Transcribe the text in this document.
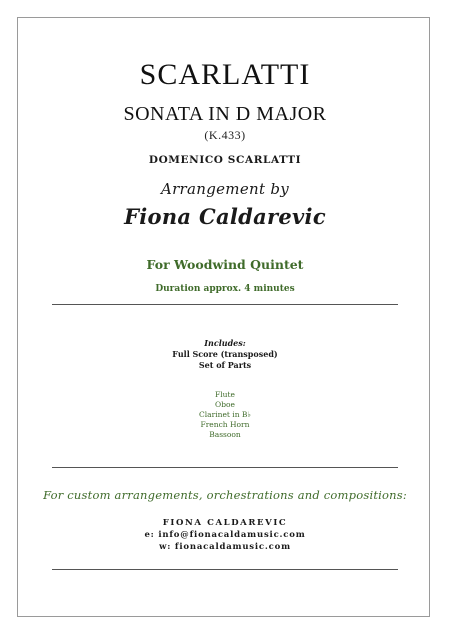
SCARLATTI
SONATA IN D MAJOR
(K.433)
DOMENICO SCARLATTI
Arrangement by
Fiona Caldarevic
For Woodwind Quintet
Duration approx. 4 minutes
Includes:
Full Score (transposed)
Set of Parts
Flute
Oboe
Clarinet in B♭
French Horn
Bassoon
For custom arrangements, orchestrations and compositions:
FIONA CALDAREVIC
e: info@fionacaldamusic.com
w: fionacaldamusic.com
